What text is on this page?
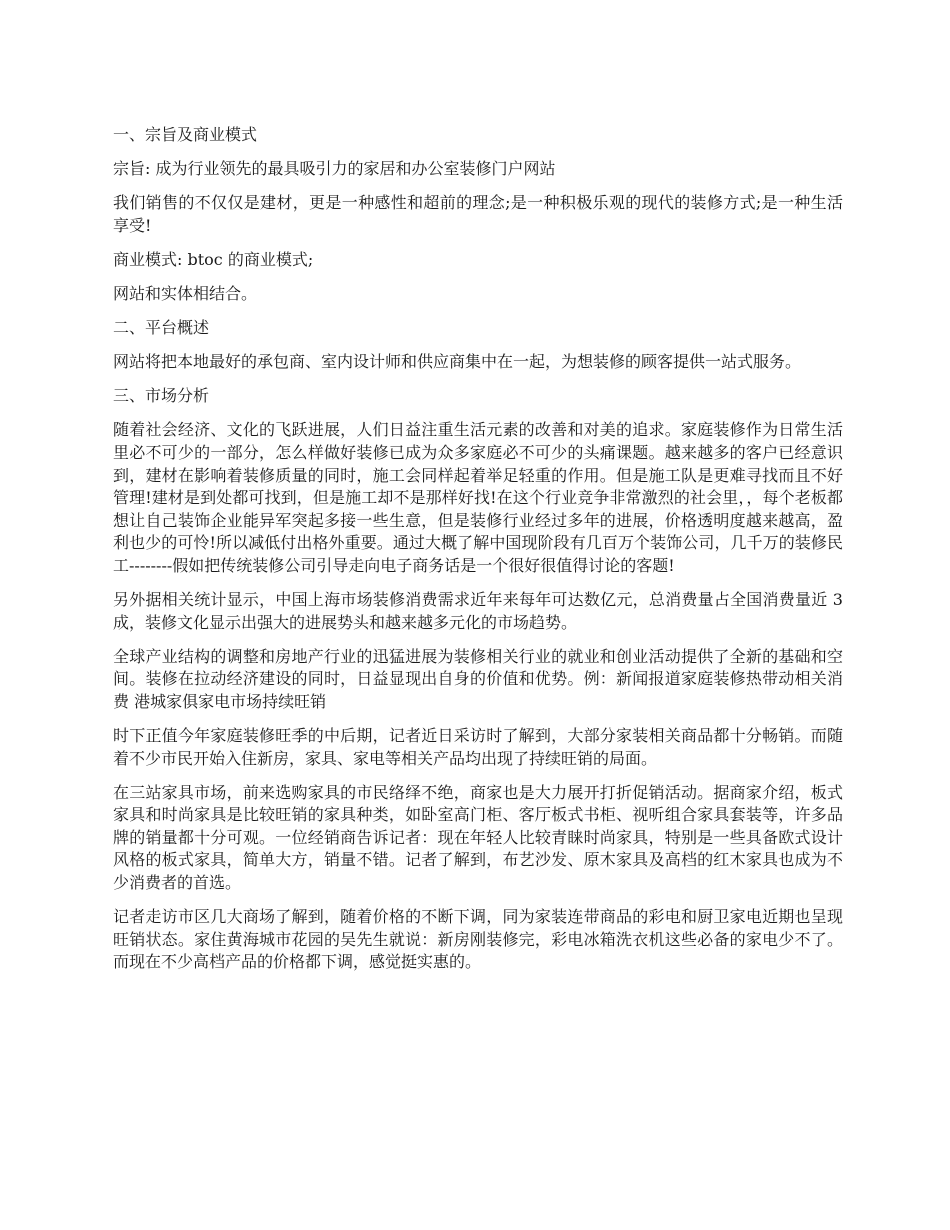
一、宗旨及商业模式

宗旨: 成为行业领先的最具吸引力的家居和办公室装修门户网站

我们销售的不仅仅是建材，更是一种感性和超前的理念;是一种积极乐观的现代的装修方式;是一种生活享受!

商业模式: btoc 的商业模式;

网站和实体相结合。

二、平台概述

网站将把本地最好的承包商、室内设计师和供应商集中在一起，为想装修的顾客提供一站式服务。

三、市场分析

随着社会经济、文化的飞跃进展，人们日益注重生活元素的改善和对美的追求。家庭装修作为日常生活里必不可少的一部分，怎么样做好装修已成为众多家庭必不可少的头痛课题。越来越多的客户已经意识到，建材在影响着装修质量的同时，施工会同样起着举足轻重的作用。但是施工队是更难寻找而且不好管理!建材是到处都可找到，但是施工却不是那样好找!在这个行业竞争非常激烈的社会里，，每个老板都想让自己装饰企业能异军突起多接一些生意，但是装修行业经过多年的进展，价格透明度越来越高，盈利也少的可怜!所以减低付出格外重要。通过大概了解中国现阶段有几百万个装饰公司，几千万的装修民工--------假如把传统装修公司引导走向电子商务话是一个很好很值得讨论的客题!

另外据相关统计显示，中国上海市场装修消费需求近年来每年可达数亿元，总消费量占全国消费量近 3 成，装修文化显示出强大的进展势头和越来越多元化的市场趋势。

全球产业结构的调整和房地产行业的迅猛进展为装修相关行业的就业和创业活动提供了全新的基础和空间。装修在拉动经济建设的同时，日益显现出自身的价值和优势。例：新闻报道家庭装修热带动相关消费 港城家俱家电市场持续旺销

时下正值今年家庭装修旺季的中后期，记者近日采访时了解到，大部分家装相关商品都十分畅销。而随着不少市民开始入住新房，家具、家电等相关产品均出现了持续旺销的局面。

在三站家具市场，前来选购家具的市民络绎不绝，商家也是大力展开打折促销活动。据商家介绍，板式家具和时尚家具是比较旺销的家具种类，如卧室高门柜、客厅板式书柜、视听组合家具套装等，许多品牌的销量都十分可观。一位经销商告诉记者：现在年轻人比较青睐时尚家具，特别是一些具备欧式设计风格的板式家具，简单大方，销量不错。记者了解到，布艺沙发、原木家具及高档的红木家具也成为不少消费者的首选。

记者走访市区几大商场了解到，随着价格的不断下调，同为家装连带商品的彩电和厨卫家电近期也呈现旺销状态。家住黄海城市花园的吴先生就说：新房刚装修完，彩电冰箱洗衣机这些必备的家电少不了。而现在不少高档产品的价格都下调，感觉挺实惠的。
